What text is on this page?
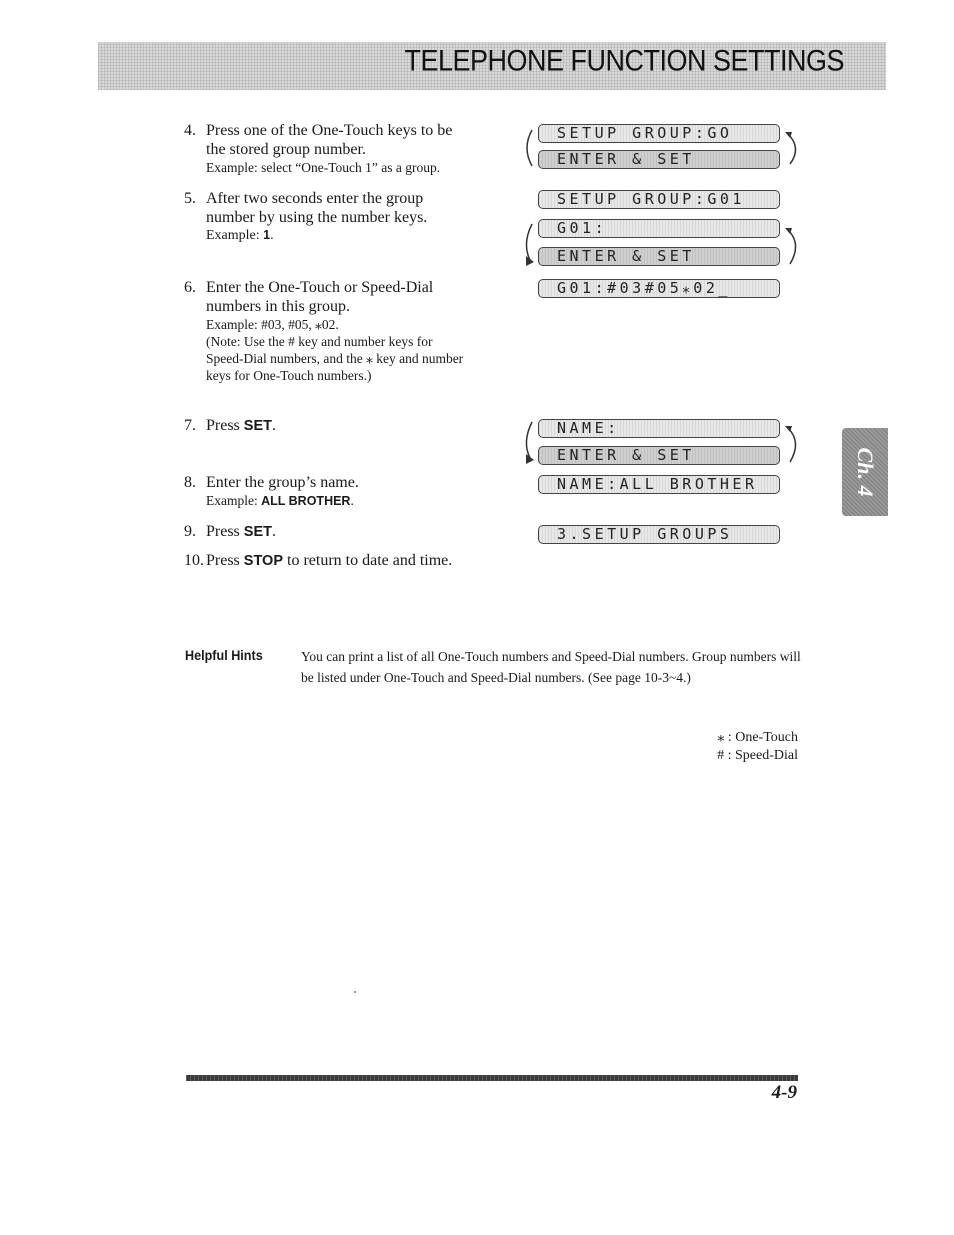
TELEPHONE FUNCTION SETTINGS
4. Press one of the One-Touch keys to be the stored group number.
Example: select “One-Touch 1” as a group.
5. After two seconds enter the group number by using the number keys.
Example: 1.
6. Enter the One-Touch or Speed-Dial numbers in this group.
Example: #03, #05, ⁎02.
(Note: Use the # key and number keys for Speed-Dial numbers, and the ⁎ key and number keys for One-Touch numbers.)
7. Press SET.
8. Enter the group’s name.
Example: ALL BROTHER.
9. Press SET.
10. Press STOP to return to date and time.
SETUP GROUP:GO
ENTER & SET
SETUP GROUP:G01
G01:
ENTER & SET
G01:#03#05⁎02_
NAME:
ENTER & SET
NAME:ALL BROTHER
3.SETUP GROUPS
Ch. 4
Helpful Hints	You can print a list of all One-Touch numbers and Speed-Dial numbers. Group numbers will be listed under One-Touch and Speed-Dial numbers. (See page 10-3~4.)

⁎ : One-Touch
# : Speed-Dial
4-9
